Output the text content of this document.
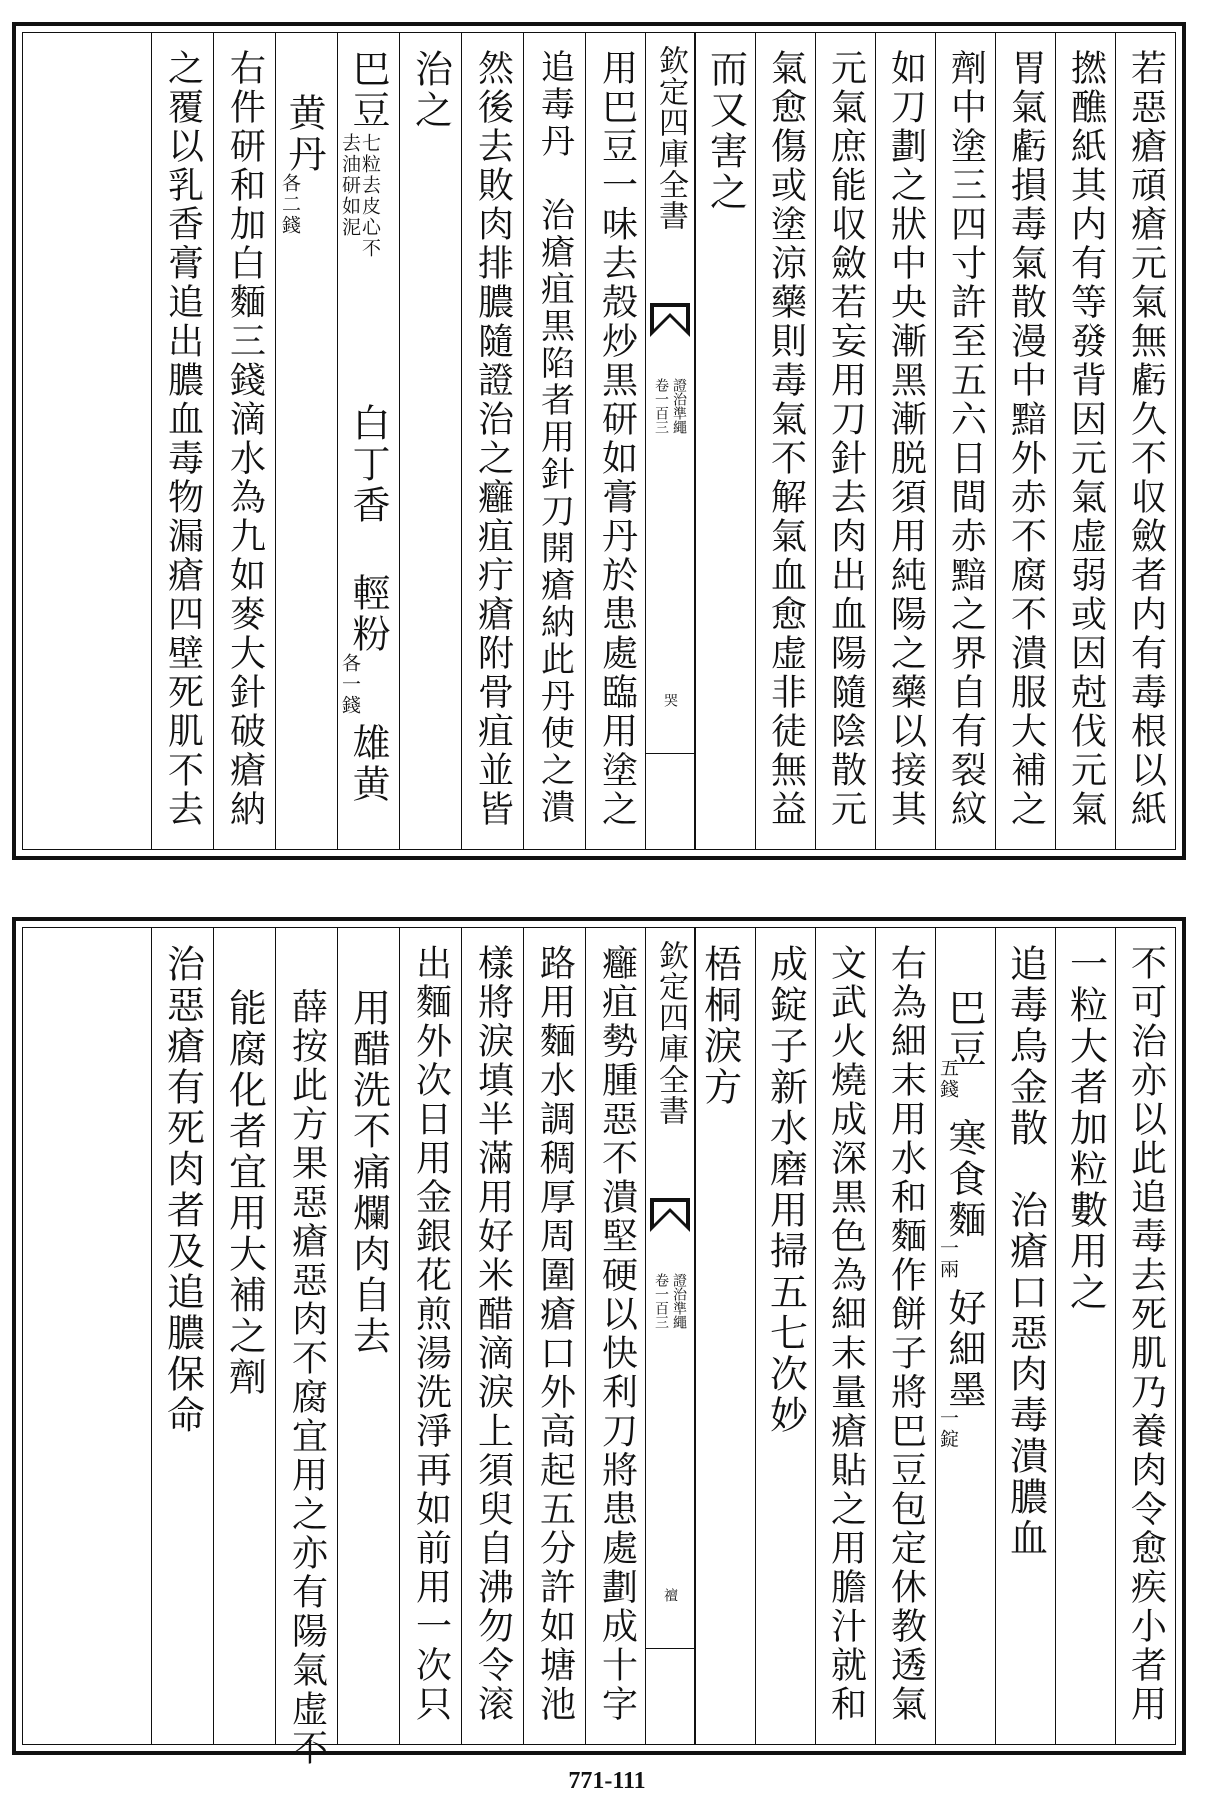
若惡瘡頑瘡元氣無虧久不収斂者内有毒根以紙
撚醮紙其内有等發背因元氣虚弱或因尅伐元氣
胃氣虧損毒氣散漫中黯外赤不腐不潰服大補之
劑中塗三四寸許至五六日間赤黯之界自有裂紋
如刀劃之狀中央漸黑漸脱須用純陽之藥以接其
元氣庶能収斂若妄用刀針去肉出血陽隨陰散元
氣愈傷或塗涼藥則毒氣不解氣血愈虚非徒無益
而又害之
欽定四庫全書
證治準繩
卷一百三
哭
用巴豆一味去殻炒黒研如膏丹於患處臨用塗之
追毒丹　治瘡疽黒陷者用針刀開瘡納此丹使之潰
然後去敗肉排膿隨證治之癰疽疔瘡附骨疽並皆
治之
巴豆
七粒去皮心不
去油研如泥
白丁香
輕粉
各一錢
雄黄
黄丹
各二錢
右件研和加白麵三錢滴水為九如麥大針破瘡納
之覆以乳香膏追出膿血毒物漏瘡四壁死肌不去
不可治亦以此追毒去死肌乃養肉令愈疾小者用
一粒大者加粒數用之
追毒烏金散　治瘡口惡肉毒潰膿血
巴豆
五錢
寒食麵
一兩
好細墨
一錠
右為細末用水和麵作餅子將巴豆包定休教透氣
文武火燒成深黒色為細末量瘡貼之用膽汁就和
成錠子新水磨用掃五七次妙
梧桐淚方
欽定四庫全書
證治準繩
卷一百三
䄠
癰疽勢腫惡不潰堅硬以快利刀將患處劃成十字
路用麵水調稠厚周圍瘡口外高起五分許如塘池
樣將淚填半滿用好米醋滴淚上須臾自沸勿令滚
出麵外次日用金銀花煎湯洗淨再如前用一次只
用醋洗不痛爛肉自去
薛按此方果惡瘡惡肉不腐宜用之亦有陽氣虚不
能腐化者宜用大補之劑
治惡瘡有死肉者及追膿保命
771-111
